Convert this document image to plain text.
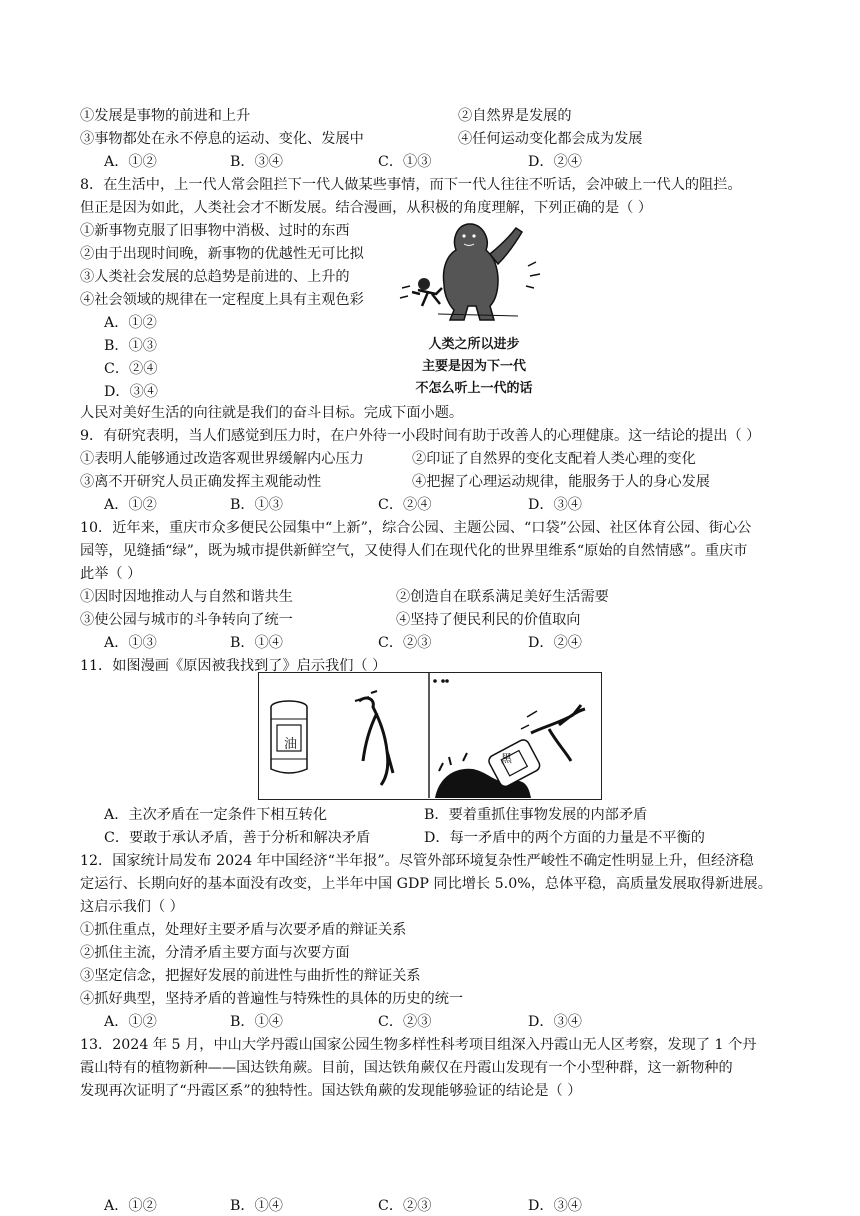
①发展是事物的前进和上升	②自然界是发展的
③事物都处在永不停息的运动、变化、发展中	④任何运动变化都会成为发展
A．①②	B．③④	C．①③	D．②④
8．在生活中，上一代人常会阻拦下一代人做某些事情，而下一代人往往不听话，会冲破上一代人的阻拦。
但正是因为如此，人类社会才不断发展。结合漫画，从积极的角度理解，下列正确的是（ ）
①新事物克服了旧事物中消极、过时的东西
②由于出现时间晚，新事物的优越性无可比拟
③人类社会发展的总趋势是前进的、上升的
④社会领域的规律在一定程度上具有主观色彩
A．①②
B．①③
C．②④
D．③④
人类之所以进步
主要是因为下一代
不怎么听上一代的话
人民对美好生活的向往就是我们的奋斗目标。完成下面小题。
9．有研究表明，当人们感觉到压力时，在户外待一小段时间有助于改善人的心理健康。这一结论的提出（ ）
①表明人能够通过改造客观世界缓解内心压力	②印证了自然界的变化支配着人类心理的变化
③离不开研究人员正确发挥主观能动性	④把握了心理运动规律，能服务于人的身心发展
A．①②	B．①③	C．②④	D．③④
10．近年来，重庆市众多便民公园集中“上新”，综合公园、主题公园、“口袋”公园、社区体育公园、街心公
园等，见缝插“绿”，既为城市提供新鲜空气，又使得人们在现代化的世界里维系“原始的自然情感”。重庆市
此举（ ）
①因时因地推动人与自然和谐共生	②创造自在联系满足美好生活需要
③使公园与城市的斗争转向了统一	④坚持了便民利民的价值取向
A．①③	B．①④	C．②③	D．②④
11．如图漫画《原因被我找到了》启示我们（ ）
油
黑
A．主次矛盾在一定条件下相互转化	B．要着重抓住事物发展的内部矛盾
C．要敢于承认矛盾，善于分析和解决矛盾	D．每一矛盾中的两个方面的力量是不平衡的
12．国家统计局发布 2024 年中国经济“半年报”。尽管外部环境复杂性严峻性不确定性明显上升，但经济稳
定运行、长期向好的基本面没有改变，上半年中国 GDP 同比增长 5.0%，总体平稳，高质量发展取得新进展。
这启示我们（ ）
①抓住重点，处理好主要矛盾与次要矛盾的辩证关系
②抓住主流，分清矛盾主要方面与次要方面
③坚定信念，把握好发展的前进性与曲折性的辩证关系
④抓好典型，坚持矛盾的普遍性与特殊性的具体的历史的统一
A．①②	B．①④	C．②③	D．③④
13．2024 年 5 月，中山大学丹霞山国家公园生物多样性科考项目组深入丹霞山无人区考察，发现了 1 个丹
霞山特有的植物新种——国达铁角蕨。目前，国达铁角蕨仅在丹霞山发现有一个小型种群，这一新物种的
发现再次证明了“丹霞区系”的独特性。国达铁角蕨的发现能够验证的结论是（ ）
A．①②	B．①④	C．②③	D．③④
